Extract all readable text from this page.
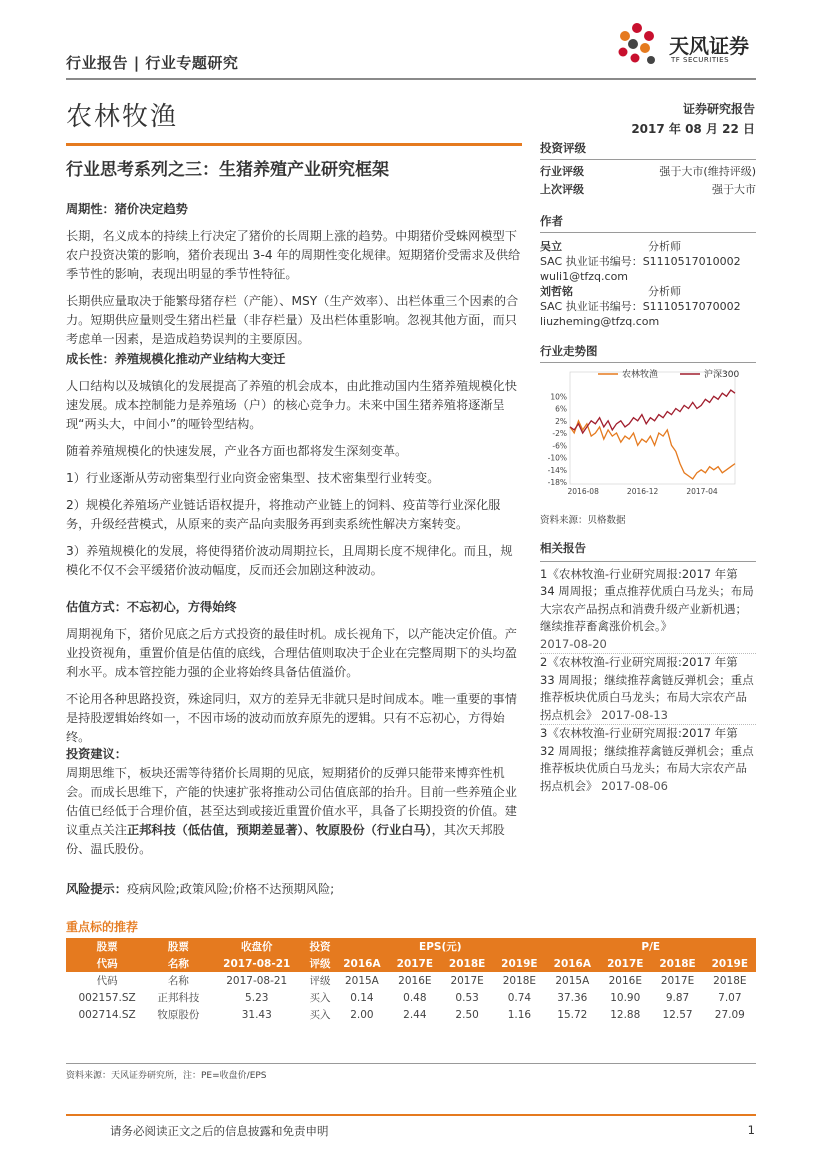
行业报告 | 行业专题研究
天风证券
TF SECURITIES
农林牧渔	证券研究报告
2017 年 08 月 22 日
行业思考系列之三：生猪养殖产业研究框架

周期性：猪价决定趋势

长期，名义成本的持续上行决定了猪价的长周期上涨的趋势。中期猪价受蛛网模型下农户投资决策的影响，猪价表现出 3-4 年的周期性变化规律。短期猪价受需求及供给季节性的影响，表现出明显的季节性特征。

长期供应量取决于能繁母猪存栏（产能）、MSY（生产效率）、出栏体重三个因素的合力。短期供应量则受生猪出栏量（非存栏量）及出栏体重影响。忽视其他方面，而只考虑单一因素，是造成趋势误判的主要原因。

成长性：养殖规模化推动产业结构大变迁

人口结构以及城镇化的发展提高了养殖的机会成本，由此推动国内生猪养殖规模化快速发展。成本控制能力是养殖场（户）的核心竞争力。未来中国生猪养殖将逐渐呈现“两头大，中间小”的哑铃型结构。

随着养殖规模化的快速发展，产业各方面也都将发生深刻变革。

1）行业逐渐从劳动密集型行业向资金密集型、技术密集型行业转变。

2）规模化养殖场产业链话语权提升，将推动产业链上的饲料、疫苗等行业深化服务，升级经营模式，从原来的卖产品向卖服务再到卖系统性解决方案转变。

3）养殖规模化的发展，将使得猪价波动周期拉长，且周期长度不规律化。而且，规模化不仅不会平缓猪价波动幅度，反而还会加剧这种波动。

估值方式：不忘初心，方得始终

周期视角下，猪价见底之后方式投资的最佳时机。成长视角下，以产能决定价值。产业投资视角，重置价值是估值的底线，合理估值则取决于企业在完整周期下的头均盈利水平。成本管控能力强的企业将始终具备估值溢价。

不论用各种思路投资，殊途同归，双方的差异无非就只是时间成本。唯一重要的事情是持股逻辑始终如一，不因市场的波动而放弃原先的逻辑。只有不忘初心，方得始终。

投资建议：

周期思维下，板块还需等待猪价长周期的见底，短期猪价的反弹只能带来博弈性机会。而成长思维下，产能的快速扩张将推动公司估值底部的抬升。目前一些养殖企业估值已经低于合理价值，甚至达到或接近重置价值水平，具备了长期投资的价值。建议重点关注正邦科技（低估值，预期差显著）、牧原股份（行业白马），其次天邦股份、温氏股份。

风险提示：疫病风险;政策风险;价格不达预期风险;

投资评级
行业评级	强于大市(维持评级)
上次评级	强于大市
作者
吴立	分析师
SAC 执业证书编号：S1110517010002
wuli1@tfzq.com
刘哲铭	分析师
SAC 执业证书编号：S1110517070002
liuzheming@tfzq.com
行业走势图
10%
6%
2%
-2%
-6%
-10%
-14%
-18%
2016-08	2016-12	2017-04
农林牧渔	沪深300
资料来源：贝格数据
相关报告
1《农林牧渔-行业研究周报:2017 年第 34 周周报；重点推荐优质白马龙头；布局大宗农产品拐点和消费升级产业新机遇；继续推荐畜禽涨价机会。》
2017-08-20
2《农林牧渔-行业研究周报:2017 年第 33 周周报；继续推荐禽链反弹机会；重点推荐板块优质白马龙头；布局大宗农产品拐点机会》 2017-08-13
3《农林牧渔-行业研究周报:2017 年第 32 周周报；继续推荐禽链反弹机会；重点推荐板块优质白马龙头；布局大宗农产品拐点机会》 2017-08-06
重点标的推荐
股票	股票	收盘价	投资	EPS(元)				P/E			
代码	名称	2017-08-21	评级	2016A	2017E	2018E	2019E	2016A	2017E	2018E	2019E
代码	名称	2017-08-21	评级	2015A	2016E	2017E	2018E	2015A	2016E	2017E	2018E
002157.SZ	正邦科技	5.23	买入	0.14	0.48	0.53	0.74	37.36	10.90	9.87	7.07
002714.SZ	牧原股份	31.43	买入	2.00	2.44	2.50	1.16	15.72	12.88	12.57	27.09
资料来源：天风证券研究所，注：PE=收盘价/EPS
请务必阅读正文之后的信息披露和免责申明	1
